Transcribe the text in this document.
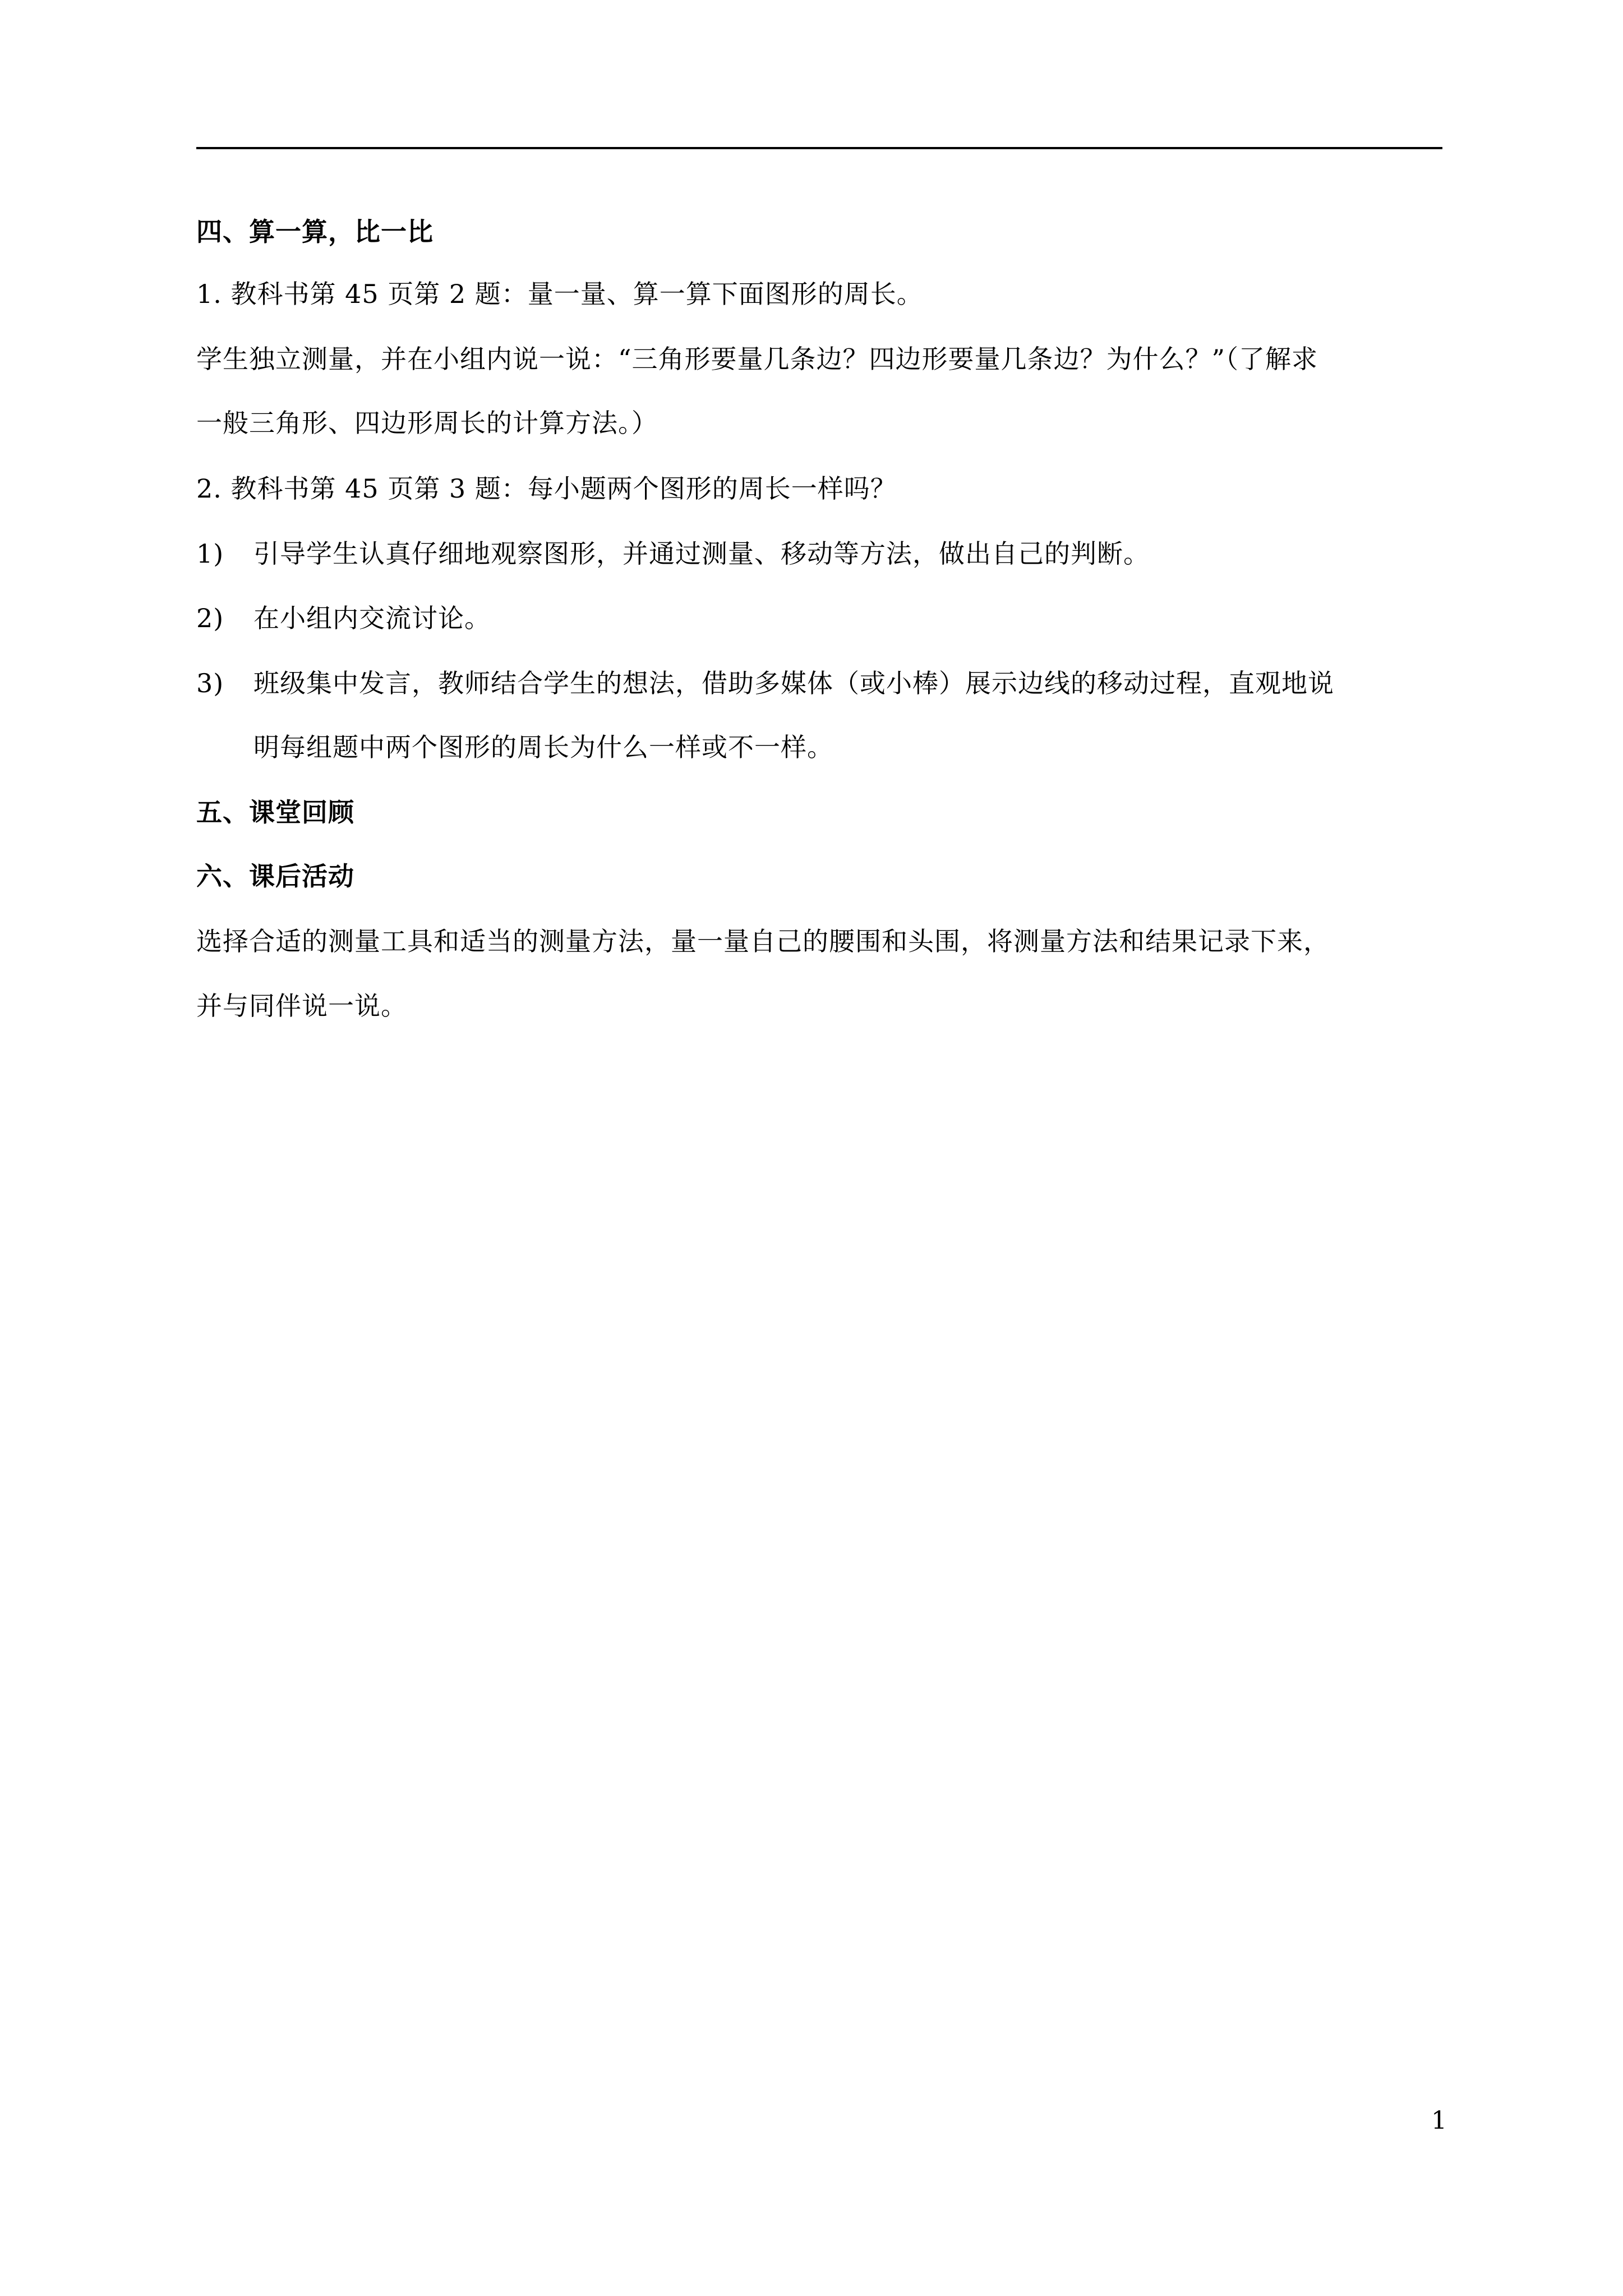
四、算一算，比一比
1. 教科书第 45 页第 2 题：量一量、算一算下面图形的周长。
学生独立测量，并在小组内说一说：“三角形要量几条边？四边形要量几条边？为什么？”（了解求
一般三角形、四边形周长的计算方法。）
2. 教科书第 45 页第 3 题：每小题两个图形的周长一样吗？
1) 引导学生认真仔细地观察图形，并通过测量、移动等方法，做出自己的判断。
2) 在小组内交流讨论。
3) 班级集中发言，教师结合学生的想法，借助多媒体（或小棒）展示边线的移动过程，直观地说
明每组题中两个图形的周长为什么一样或不一样。
五、课堂回顾
六、课后活动
选择合适的测量工具和适当的测量方法，量一量自己的腰围和头围，将测量方法和结果记录下来，
并与同伴说一说。
1
